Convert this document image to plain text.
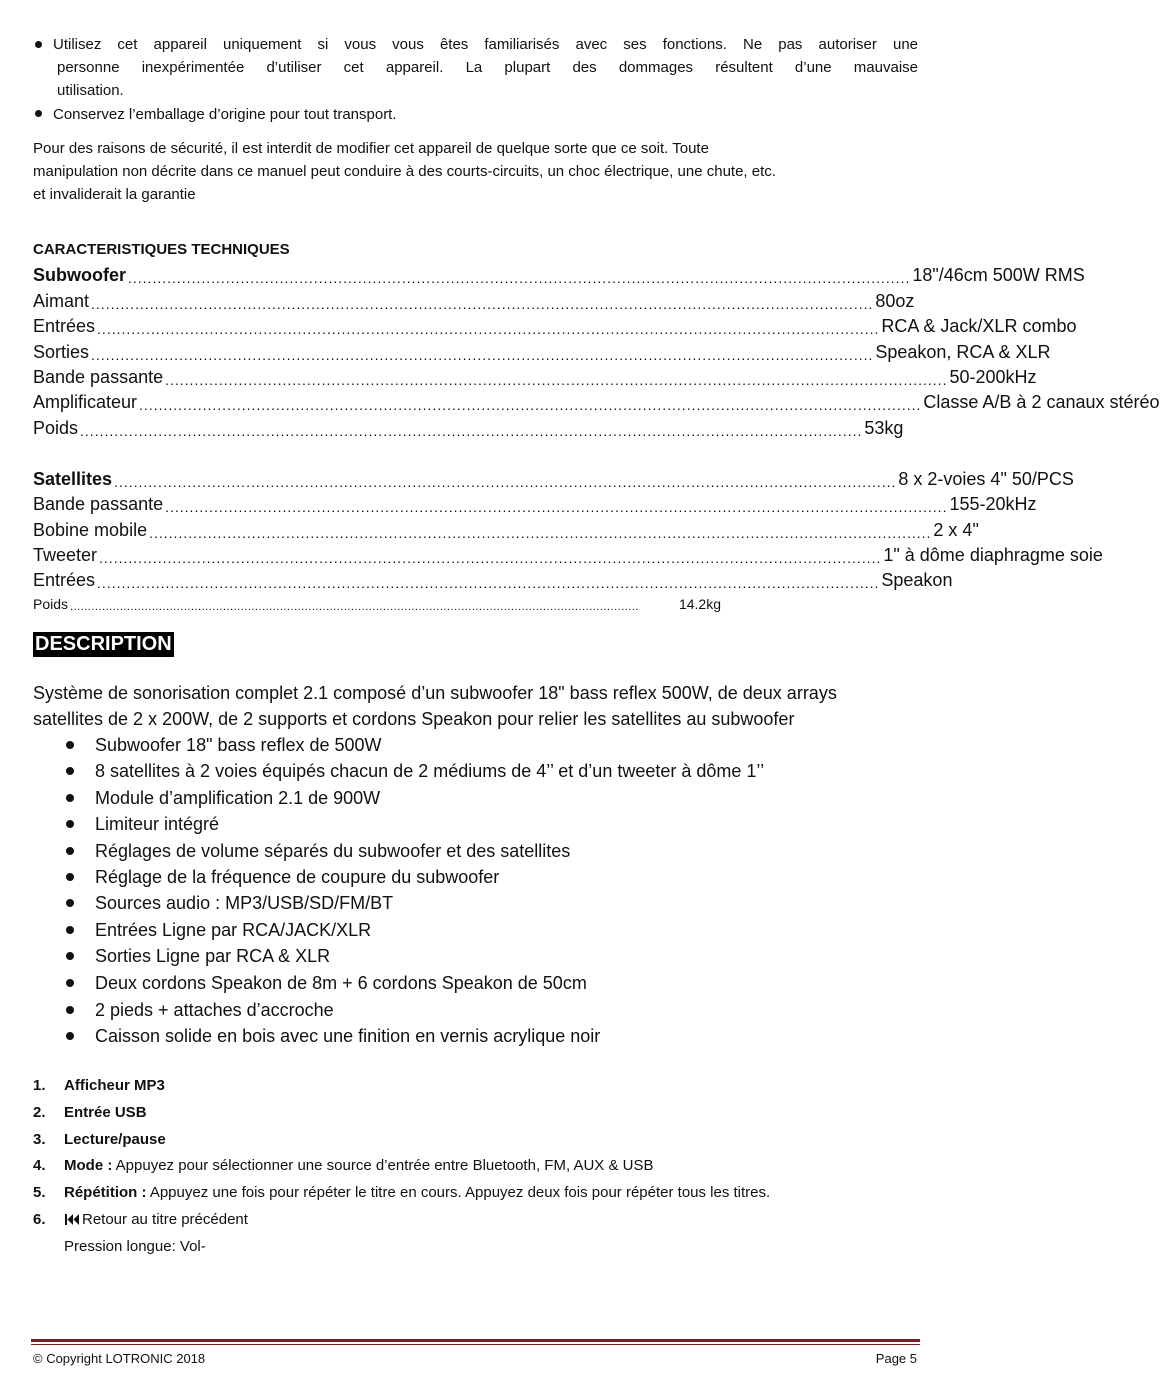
Utilisez cet appareil uniquement si vous vous êtes familiarisés avec ses fonctions. Ne pas autoriser une
personne inexpérimentée d’utiliser cet appareil. La plupart des dommages résultent d’une mauvaise
utilisation.
Conservez l’emballage d’origine pour tout transport.
Pour des raisons de sécurité, il est interdit de modifier cet appareil de quelque sorte que ce soit. Toute
manipulation non décrite dans ce manuel peut conduire à des courts-circuits, un choc électrique, une chute, etc.
et invaliderait la garantie
CARACTERISTIQUES TECHNIQUES
Subwoofer ................................................................................................................................................................ 18"/46cm 500W RMS
Aimant ................................................................................................................................................................ 80oz
Entrées ................................................................................................................................................................ RCA & Jack/XLR combo
Sorties ................................................................................................................................................................ Speakon, RCA & XLR
Bande passante ................................................................................................................................................................ 50-200kHz
Amplificateur ................................................................................................................................................................ Classe A/B à 2 canaux stéréo
Poids ................................................................................................................................................................ 53kg
Satellites ................................................................................................................................................................ 8 x 2-voies 4" 50/PCS
Bande passante ................................................................................................................................................................ 155-20kHz
Bobine mobile ................................................................................................................................................................ 2 x 4"
Tweeter ................................................................................................................................................................ 1" à dôme diaphragme soie
Entrées ................................................................................................................................................................ Speakon
Poids ................................................................................................................................................................	14.2kg
DESCRIPTION
Système de sonorisation complet 2.1 composé d’un subwoofer 18" bass reflex 500W, de deux arrays
satellites de 2 x 200W, de 2 supports et cordons Speakon pour relier les satellites au subwoofer
Subwoofer 18" bass reflex de 500W
8 satellites à 2 voies équipés chacun de 2 médiums de 4’’ et d’un tweeter à dôme 1’’
Module d’amplification 2.1 de 900W
Limiteur intégré
Réglages de volume séparés du subwoofer et des satellites
Réglage de la fréquence de coupure du subwoofer
Sources audio : MP3/USB/SD/FM/BT
Entrées Ligne par RCA/JACK/XLR
Sorties Ligne par RCA & XLR
Deux cordons Speakon de 8m + 6 cordons Speakon de 50cm
2 pieds + attaches d’accroche
Caisson solide en bois avec une finition en vernis acrylique noir
1. Afficheur MP3
2. Entrée USB
3. Lecture/pause
4. Mode : Appuyez pour sélectionner une source d’entrée entre Bluetooth, FM, AUX & USB
5. Répétition : Appuyez une fois pour répéter le titre en cours. Appuyez deux fois pour répéter tous les titres.
6. Retour au titre précédent
Pression longue: Vol-
© Copyright LOTRONIC 2018	Page 5
